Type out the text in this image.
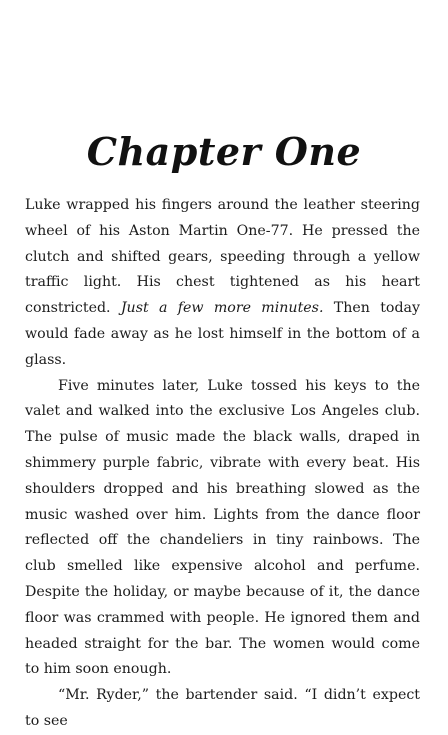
Chapter One

Luke wrapped his fingers around the leather steering wheel of his Aston Martin One-77. He pressed the clutch and shifted gears, speeding through a yellow traffic light. His chest tightened as his heart constricted. Just a few more minutes. Then today would fade away as he lost himself in the bottom of a glass.

Five minutes later, Luke tossed his keys to the valet and walked into the exclusive Los Angeles club. The pulse of music made the black walls, draped in shimmery purple fabric, vibrate with every beat. His shoulders dropped and his breathing slowed as the music washed over him. Lights from the dance floor reflected off the chandeliers in tiny rainbows. The club smelled like expensive alcohol and perfume. Despite the holiday, or maybe because of it, the dance floor was crammed with people. He ignored them and headed straight for the bar. The women would come to him soon enough.

“Mr. Ryder,” the bartender said. “I didn’t expect to see
